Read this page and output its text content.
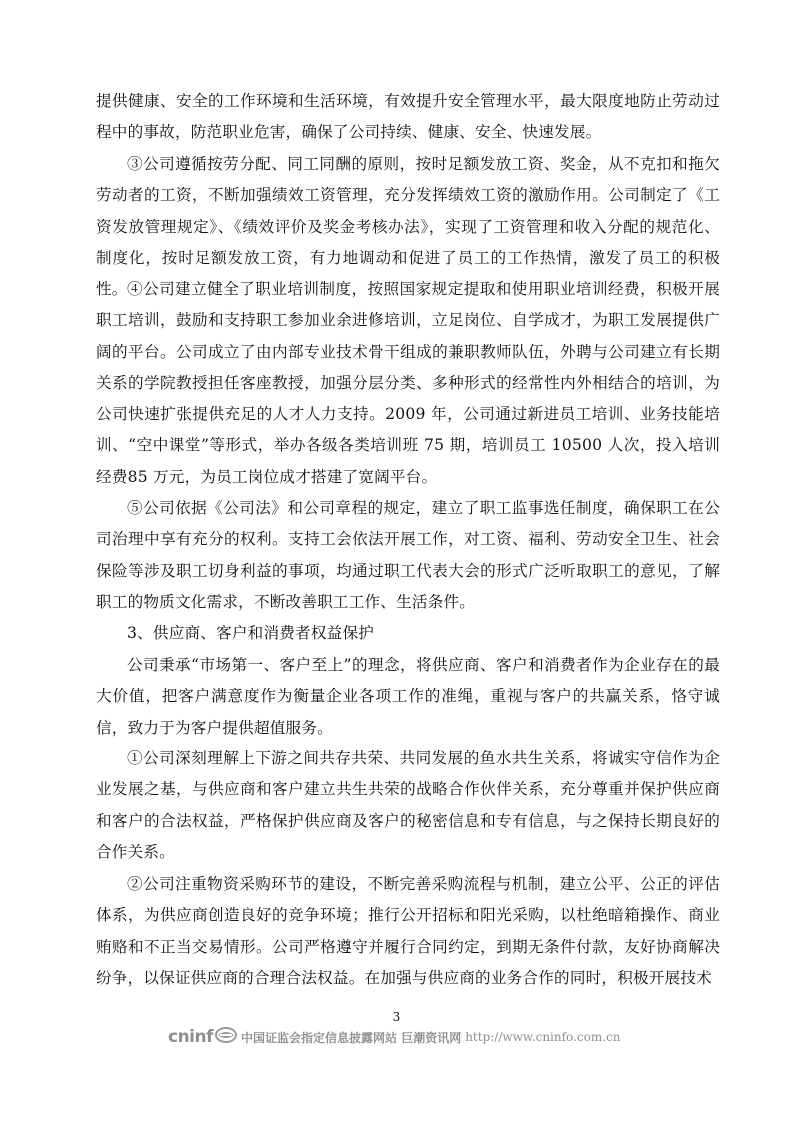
提供健康、安全的工作环境和生活环境，有效提升安全管理水平，最大限度地防止劳动过程中的事故，防范职业危害，确保了公司持续、健康、安全、快速发展。

③公司遵循按劳分配、同工同酬的原则，按时足额发放工资、奖金，从不克扣和拖欠劳动者的工资，不断加强绩效工资管理，充分发挥绩效工资的激励作用。公司制定了《工资发放管理规定》、《绩效评价及奖金考核办法》，实现了工资管理和收入分配的规范化、制度化，按时足额发放工资，有力地调动和促进了员工的工作热情，激发了员工的积极性。 ④公司建立健全了职业培训制度，按照国家规定提取和使用职业培训经费，积极开展职工培训，鼓励和支持职工参加业余进修培训，立足岗位、自学成才，为职工发展提供广阔的平台。公司成立了由内部专业技术骨干组成的兼职教师队伍，外聘与公司建立有长期关系的学院教授担任客座教授，加强分层分类、多种形式的经常性内外相结合的培训，为公司快速扩张提供充足的人才人力支持。2009 年，公司通过新进员工培训、业务技能培训、“空中课堂”等形式，举办各级各类培训班 75 期，培训员工 10500 人次，投入培训经费85 万元，为员工岗位成才搭建了宽阔平台。

⑤公司依据《公司法》和公司章程的规定，建立了职工监事选任制度，确保职工在公司治理中享有充分的权利。支持工会依法开展工作，对工资、福利、劳动安全卫生、社会保险等涉及职工切身利益的事项，均通过职工代表大会的形式广泛听取职工的意见，了解职工的物质文化需求，不断改善职工工作、生活条件。

3、供应商、客户和消费者权益保护

公司秉承“市场第一、客户至上”的理念，将供应商、客户和消费者作为企业存在的最大价值，把客户满意度作为衡量企业各项工作的准绳，重视与客户的共赢关系，恪守诚信，致力于为客户提供超值服务。

①公司深刻理解上下游之间共存共荣、共同发展的鱼水共生关系，将诚实守信作为企业发展之基，与供应商和客户建立共生共荣的战略合作伙伴关系，充分尊重并保护供应商和客户的合法权益，严格保护供应商及客户的秘密信息和专有信息，与之保持长期良好的合作关系。

②公司注重物资采购环节的建设，不断完善采购流程与机制，建立公平、公正的评估体系，为供应商创造良好的竞争环境；推行公开招标和阳光采购，以杜绝暗箱操作、商业贿赂和不正当交易情形。公司严格遵守并履行合同约定，到期无条件付款，友好协商解决纷争，以保证供应商的合理合法权益。在加强与供应商的业务合作的同时，积极开展技术

3
cninf 中国证监会指定信息披露网站 巨潮资讯网 http://www.cninfo.com.cn
